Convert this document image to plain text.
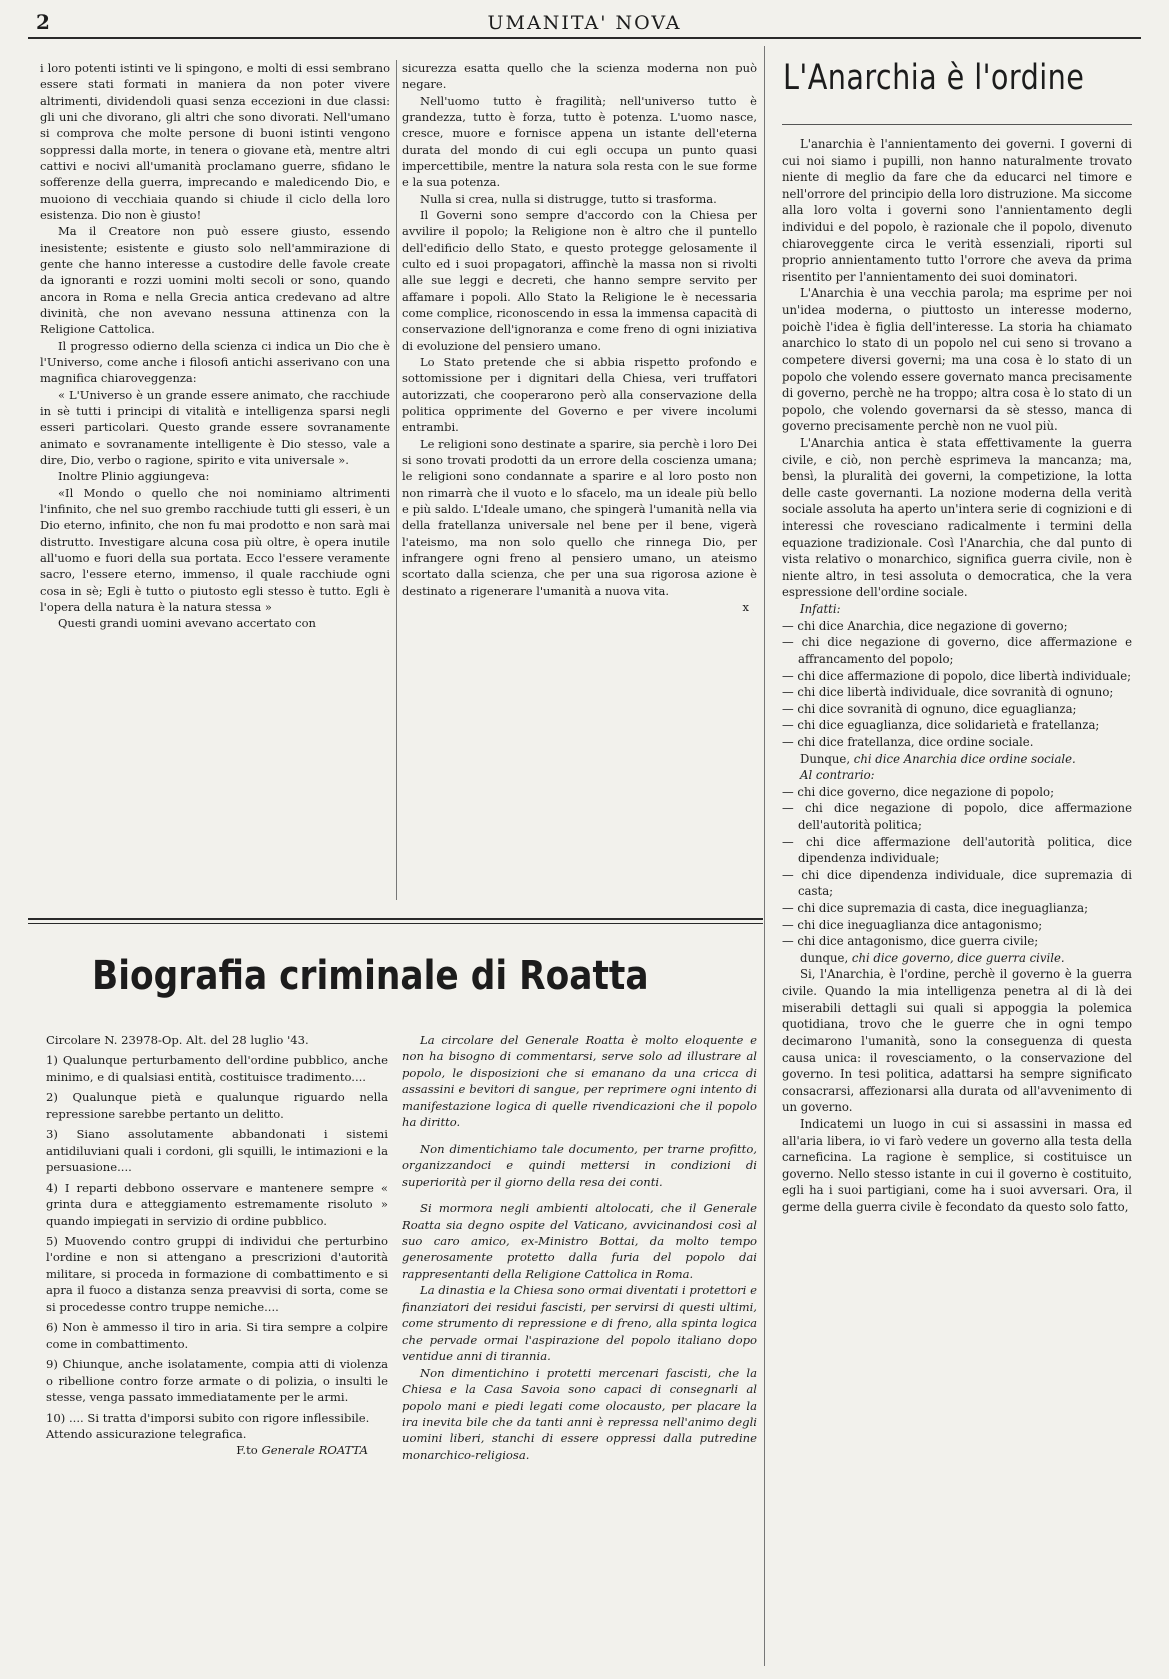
2	UMANITA' NOVA

i loro potenti istinti ve li spingono, e molti di essi sembrano essere stati formati in maniera da non poter vivere altrimenti, dividendoli quasi senza eccezioni in due classi: gli uni che divorano, gli altri che sono divorati. Nell'umano si comprova che molte persone di buoni istinti vengono soppressi dalla morte, in tenera o giovane età, mentre altri cattivi e nocivi all'umanità proclamano guerre, sfidano le sofferenze della guerra, imprecando e maledicendo Dio, e muoiono di vecchiaia quando si chiude il ciclo della loro esistenza. Dio non è giusto!

Ma il Creatore non può essere giusto, essendo inesistente; esistente e giusto solo nell'ammirazione di gente che hanno interesse a custodire delle favole create da ignoranti e rozzi uomini molti secoli or sono, quando ancora in Roma e nella Grecia antica credevano ad altre divinità, che non avevano nessuna attinenza con la Religione Cattolica.

Il progresso odierno della scienza ci indica un Dio che è l'Universo, come anche i filosofi antichi asserivano con una magnifica chiaroveggenza:

« L'Universo è un grande essere animato, che racchiude in sè tutti i principi di vitalità e intelligenza sparsi negli esseri particolari. Questo grande essere sovranamente animato e sovranamente intelligente è Dio stesso, vale a dire, Dio, verbo o ragione, spirito e vita universale ».

Inoltre Plinio aggiungeva:

«Il Mondo o quello che noi nominiamo altrimenti l'infinito, che nel suo grembo racchiude tutti gli esseri, è un Dio eterno, infinito, che non fu mai prodotto e non sarà mai distrutto. Investigare alcuna cosa più oltre, è opera inutile all'uomo e fuori della sua portata. Ecco l'essere veramente sacro, l'essere eterno, immenso, il quale racchiude ogni cosa in sè; Egli è tutto o piutosto egli stesso è tutto. Egli è l'opera della natura è la natura stessa »

Questi grandi uomini avevano accertato con

sicurezza esatta quello che la scienza moderna non può negare.

Nell'uomo tutto è fragilità; nell'universo tutto è grandezza, tutto è forza, tutto è potenza. L'uomo nasce, cresce, muore e fornisce appena un istante dell'eterna durata del mondo di cui egli occupa un punto quasi impercettibile, mentre la natura sola resta con le sue forme e la sua potenza.

Nulla si crea, nulla si distrugge, tutto si trasforma.

Il Governi sono sempre d'accordo con la Chiesa per avvilire il popolo; la Religione non è altro che il puntello dell'edificio dello Stato, e questo protegge gelosamente il culto ed i suoi propagatori, affinchè la massa non si rivolti alle sue leggi e decreti, che hanno sempre servito per affamare i popoli. Allo Stato la Religione le è necessaria come complice, riconoscendo in essa la immensa capacità di conservazione dell'ignoranza e come freno di ogni iniziativa di evoluzione del pensiero umano.

Lo Stato pretende che si abbia rispetto profondo e sottomissione per i dignitari della Chiesa, veri truffatori autorizzati, che cooperarono però alla conservazione della politica opprimente del Governo e per vivere incolumi entrambi.

Le religioni sono destinate a sparire, sia perchè i loro Dei si sono trovati prodotti da un errore della coscienza umana; le religioni sono condannate a sparire e al loro posto non non rimarrà che il vuoto e lo sfacelo, ma un ideale più bello e più saldo. L'Ideale umano, che spingerà l'umanità nella via della fratellanza universale nel bene per il bene, vigerà l'ateismo, ma non solo quello che rinnega Dio, per infrangere ogni freno al pensiero umano, un ateismo scortato dalla scienza, che per una sua rigorosa azione è destinato a rigenerare l'umanità a nuova vita.

x

L'Anarchia è l'ordine

L'anarchia è l'annientamento dei governi. I governi di cui noi siamo i pupilli, non hanno naturalmente trovato niente di meglio da fare che da educarci nel timore e nell'orrore del principio della loro distruzione. Ma siccome alla loro volta i governi sono l'annientamento degli individui e del popolo, è razionale che il popolo, divenuto chiaroveggente circa le verità essenziali, riporti sul proprio annientamento tutto l'orrore che aveva da prima risentito per l'annientamento dei suoi dominatori.

L'Anarchia è una vecchia parola; ma esprime per noi un'idea moderna, o piuttosto un interesse moderno, poichè l'idea è figlia dell'interesse. La storia ha chiamato anarchico lo stato di un popolo nel cui seno si trovano a competere diversi governi; ma una cosa è lo stato di un popolo che volendo essere governato manca precisamente di governo, perchè ne ha troppo; altra cosa è lo stato di un popolo, che volendo governarsi da sè stesso, manca di governo precisamente perchè non ne vuol più.

L'Anarchia antica è stata effettivamente la guerra civile, e ciò, non perchè esprimeva la mancanza; ma, bensì, la pluralità dei governi, la competizione, la lotta delle caste governanti. La nozione moderna della verità sociale assoluta ha aperto un'intera serie di cognizioni e di interessi che rovesciano radicalmente i termini della equazione tradizionale. Così l'Anarchia, che dal punto di vista relativo o monarchico, significa guerra civile, non è niente altro, in tesi assoluta o democratica, che la vera espressione dell'ordine sociale.

Infatti:

— chi dice Anarchia, dice negazione di governo;

— chi dice negazione di governo, dice affermazione e affrancamento del popolo;

— chi dice affermazione di popolo, dice libertà individuale;

— chi dice libertà individuale, dice sovranità di ognuno;

— chi dice sovranità di ognuno, dice eguaglianza;

— chi dice eguaglianza, dice solidarietà e fratellanza;

— chi dice fratellanza, dice ordine sociale.

Dunque, chi dice Anarchia dice ordine sociale.

Al contrario:

— chi dice governo, dice negazione di popolo;

— chi dice negazione di popolo, dice affermazione dell'autorità politica;

— chi dice affermazione dell'autorità politica, dice dipendenza individuale;

— chi dice dipendenza individuale, dice supremazia di casta;

— chi dice supremazia di casta, dice ineguaglianza;

— chi dice ineguaglianza dice antagonismo;

— chi dice antagonismo, dice guerra civile;

dunque, chi dice governo, dice guerra civile.

Si, l'Anarchia, è l'ordine, perchè il governo è la guerra civile. Quando la mia intelligenza penetra al di là dei miserabili dettagli sui quali si appoggia la polemica quotidiana, trovo che le guerre che in ogni tempo decimarono l'umanità, sono la conseguenza di questa causa unica: il rovesciamento, o la conservazione del governo. In tesi politica, adattarsi ha sempre significato consacrarsi, affezionarsi alla durata od all'avvenimento di un governo.

Indicatemi un luogo in cui si assassini in massa ed all'aria libera, io vi farò vedere un governo alla testa della carneficina. La ragione è semplice, si costituisce un governo. Nello stesso istante in cui il governo è costituito, egli ha i suoi partigiani, come ha i suoi avversari. Ora, il germe della guerra civile è fecondato da questo solo fatto,

Biografia criminale di Roatta

Circolare N. 23978-Op. Alt. del 28 luglio '43.

1) Qualunque perturbamento dell'ordine pubblico, anche minimo, e di qualsiasi entità, costituisce tradimento....

2) Qualunque pietà e qualunque riguardo nella repressione sarebbe pertanto un delitto.

3) Siano assolutamente abbandonati i sistemi antidiluviani quali i cordoni, gli squilli, le intimazioni e la persuasione....

4) I reparti debbono osservare e mantenere sempre « grinta dura e atteggiamento estremamente risoluto » quando impiegati in servizio di ordine pubblico.

5) Muovendo contro gruppi di individui che perturbino l'ordine e non si attengano a prescrizioni d'autorità militare, si proceda in formazione di combattimento e si apra il fuoco a distanza senza preavvisi di sorta, come se si procedesse contro truppe nemiche....

6) Non è ammesso il tiro in aria. Si tira sempre a colpire come in combattimento.

9) Chiunque, anche isolatamente, compia atti di violenza o ribellione contro forze armate o di polizia, o insulti le stesse, venga passato immediatamente per le armi.

10) .... Si tratta d'imporsi subito con rigore inflessibile.

Attendo assicurazione telegrafica.

F.to Generale ROATTA

La circolare del Generale Roatta è molto eloquente e non ha bisogno di commentarsi, serve solo ad illustrare al popolo, le disposizioni che si emanano da una cricca di assassini e bevitori di sangue, per reprimere ogni intento di manifestazione logica di quelle rivendicazioni che il popolo ha diritto.

Non dimentichiamo tale documento, per trarne profitto, organizzandoci e quindi mettersi in condizioni di superiorità per il giorno della resa dei conti.

Si mormora negli ambienti altolocati, che il Generale Roatta sia degno ospite del Vaticano, avvicinandosi così al suo caro amico, ex-Ministro Bottai, da molto tempo generosamente protetto dalla furia del popolo dai rappresentanti della Religione Cattolica in Roma.

La dinastia e la Chiesa sono ormai diventati i protettori e finanziatori dei residui fascisti, per servirsi di questi ultimi, come strumento di repressione e di freno, alla spinta logica che pervade ormai l'aspirazione del popolo italiano dopo ventidue anni di tirannia.

Non dimentichino i protetti mercenari fascisti, che la Chiesa e la Casa Savoia sono capaci di consegnarli al popolo mani e piedi legati come olocausto, per placare la ira inevita bile che da tanti anni è repressa nell'animo degli uomini liberi, stanchi di essere oppressi dalla putredine monarchico-religiosa.
